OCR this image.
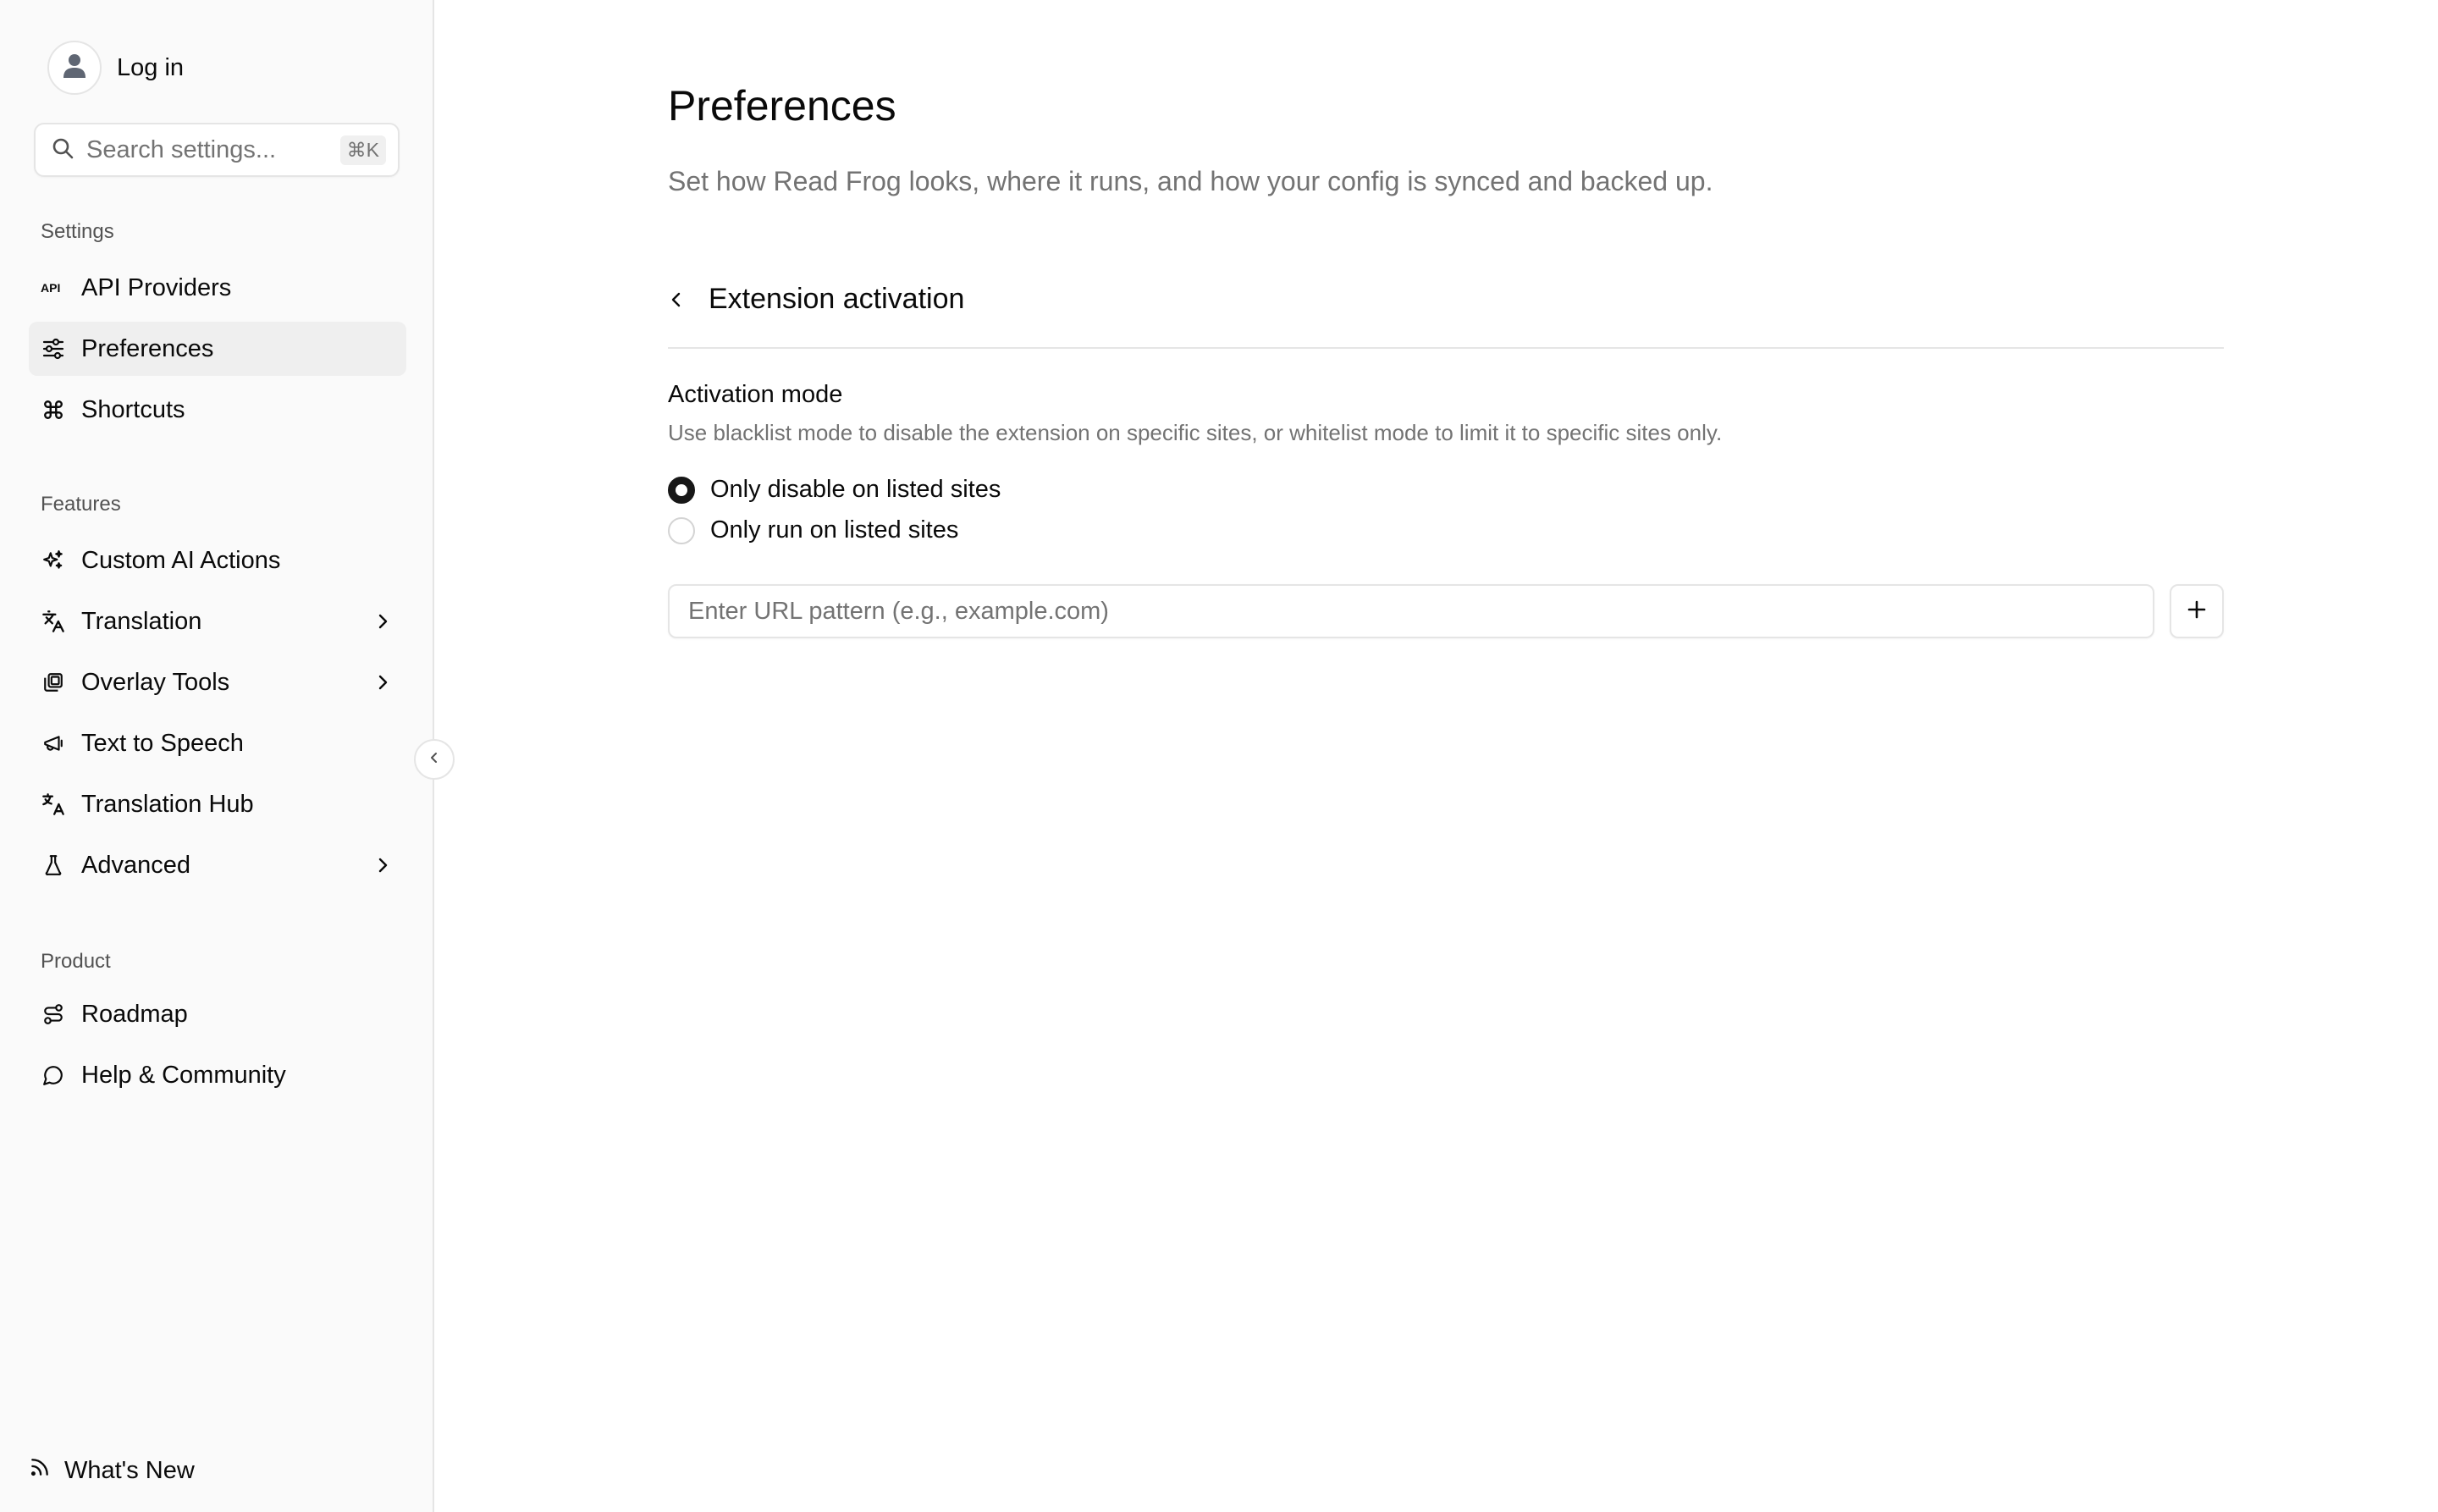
Log in
Search settings...	⌘K
Settings
API API Providers
Preferences
Shortcuts
Features
Custom AI Actions
Translation
Overlay Tools
Text to Speech
Translation Hub
Advanced
Product
Roadmap
Help & Community
What's New
Preferences

Set how Read Frog looks, where it runs, and how your config is synced and backed up.

Extension activation
Activation mode
Use blacklist mode to disable the extension on specific sites, or whitelist mode to limit it to specific sites only.
Only disable on listed sites
Only run on listed sites
Enter URL pattern (e.g., example.com)
